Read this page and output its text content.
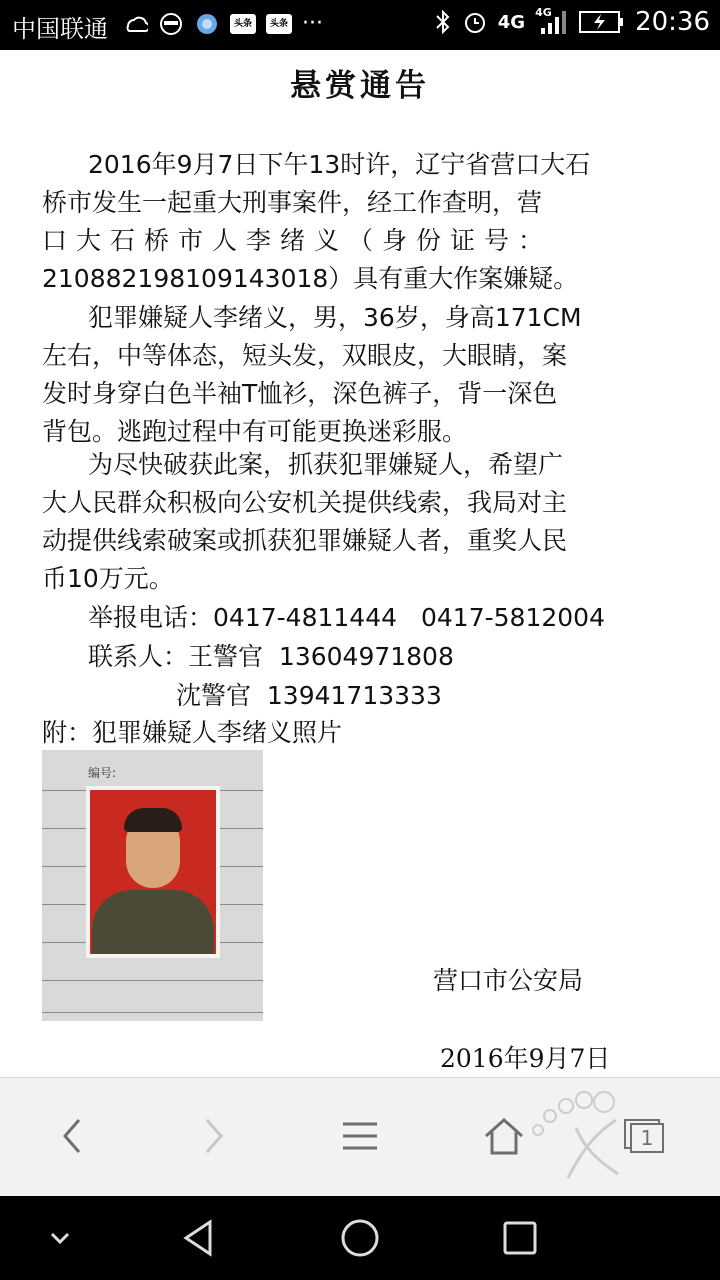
中国联通	头条	头条 ···	4G 4G	20:36
悬赏通告
2016年9月7日下午13时许，辽宁省营口大石
桥市发生一起重大刑事案件，经工作查明，营
口大石桥市人李绪义（身份证号：
210882198109143018）具有重大作案嫌疑。
犯罪嫌疑人李绪义，男，36岁，身高171CM
左右，中等体态，短头发，双眼皮，大眼睛，案
发时身穿白色半袖T恤衫，深色裤子，背一深色
背包。逃跑过程中有可能更换迷彩服。
为尽快破获此案，抓获犯罪嫌疑人，希望广
大人民群众积极向公安机关提供线索，我局对主
动提供线索破案或抓获犯罪嫌疑人者，重奖人民
币10万元。
举报电话：0417-4811444 0417-5812004
联系人：王警官  13604971808
沈警官  13941713333
附：犯罪嫌疑人李绪义照片
编号:
营口市公安局
2016年9月7日
1
